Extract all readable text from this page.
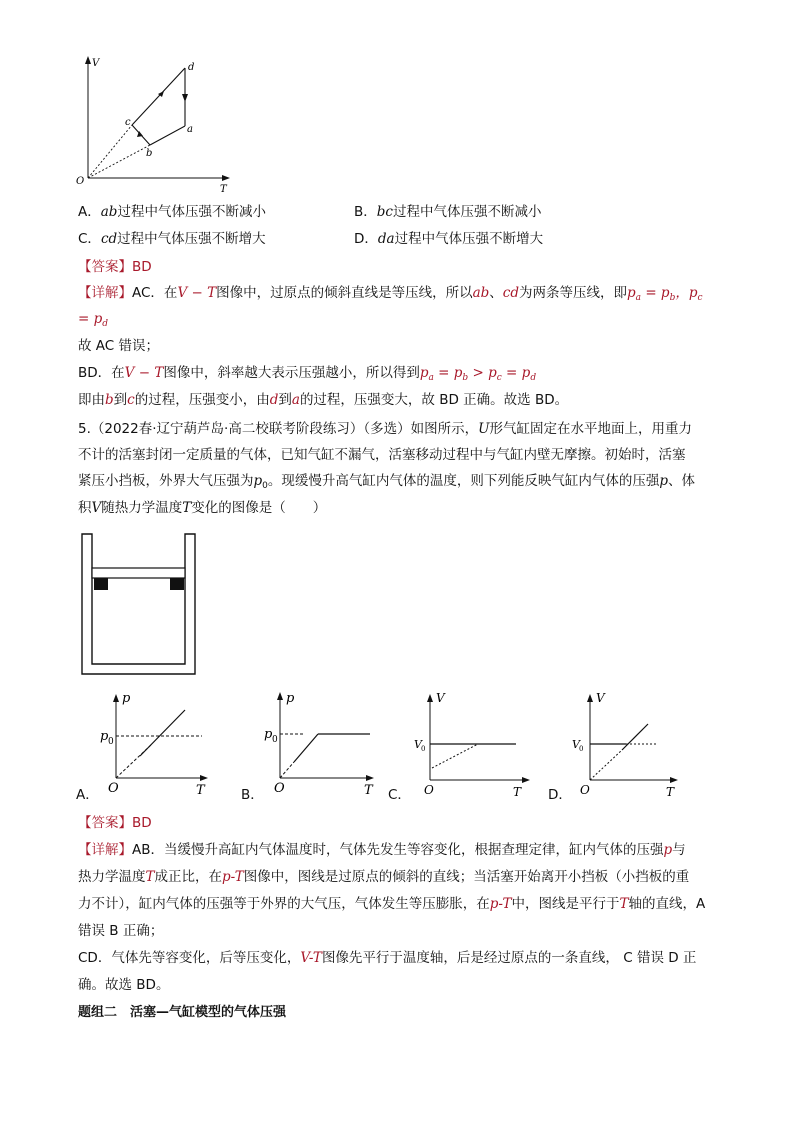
V
T
O
d
a
b
c
A．ab过程中气体压强不断减小	B．bc过程中气体压强不断减小
C．cd过程中气体压强不断增大	D．da过程中气体压强不断增大
【答案】BD
【详解】AC．在V − T图像中，过原点的倾斜直线是等压线，所以ab、cd为两条等压线，即$p_a = p_b$，$p_c$
= $p_d$
故 AC 错误；
BD．在V − T图像中，斜率越大表示压强越小，所以得到$p_a = p_b > p_c = p_d$
即由b到c的过程，压强变小，由d到a的过程，压强变大，故 BD 正确。故选 BD。
5.（2022春·辽宁葫芦岛·高二校联考阶段练习）（多选）如图所示，U形气缸固定在水平地面上，用重力
不计的活塞封闭一定质量的气体，已知气缸不漏气，活塞移动过程中与气缸内壁无摩擦。初始时，活塞
紧压小挡板，外界大气压强为$p_0$。现缓慢升高气缸内气体的温度，则下列能反映气缸内气体的压强p、体
积V随热力学温度T变化的图像是（　　）
p
p 0
O	T
A．
p
p 0
O	T
B．
V
V 0
O	T
C．
V
V 0
O	T
D．
【答案】BD
【详解】AB．当缓慢升高缸内气体温度时，气体先发生等容变化，根据查理定律，缸内气体的压强p与
热力学温度T成正比，在p-T图像中，图线是过原点的倾斜的直线；当活塞开始离开小挡板（小挡板的重
力不计），缸内气体的压强等于外界的大气压，气体发生等压膨胀，在p-T中，图线是平行于T轴的直线，A
错误 B 正确；
CD．气体先等容变化，后等压变化，V-T图像先平行于温度轴，后是经过原点的一条直线， C 错误 D 正
确。故选 BD。
题组二　活塞—气缸模型的气体压强
